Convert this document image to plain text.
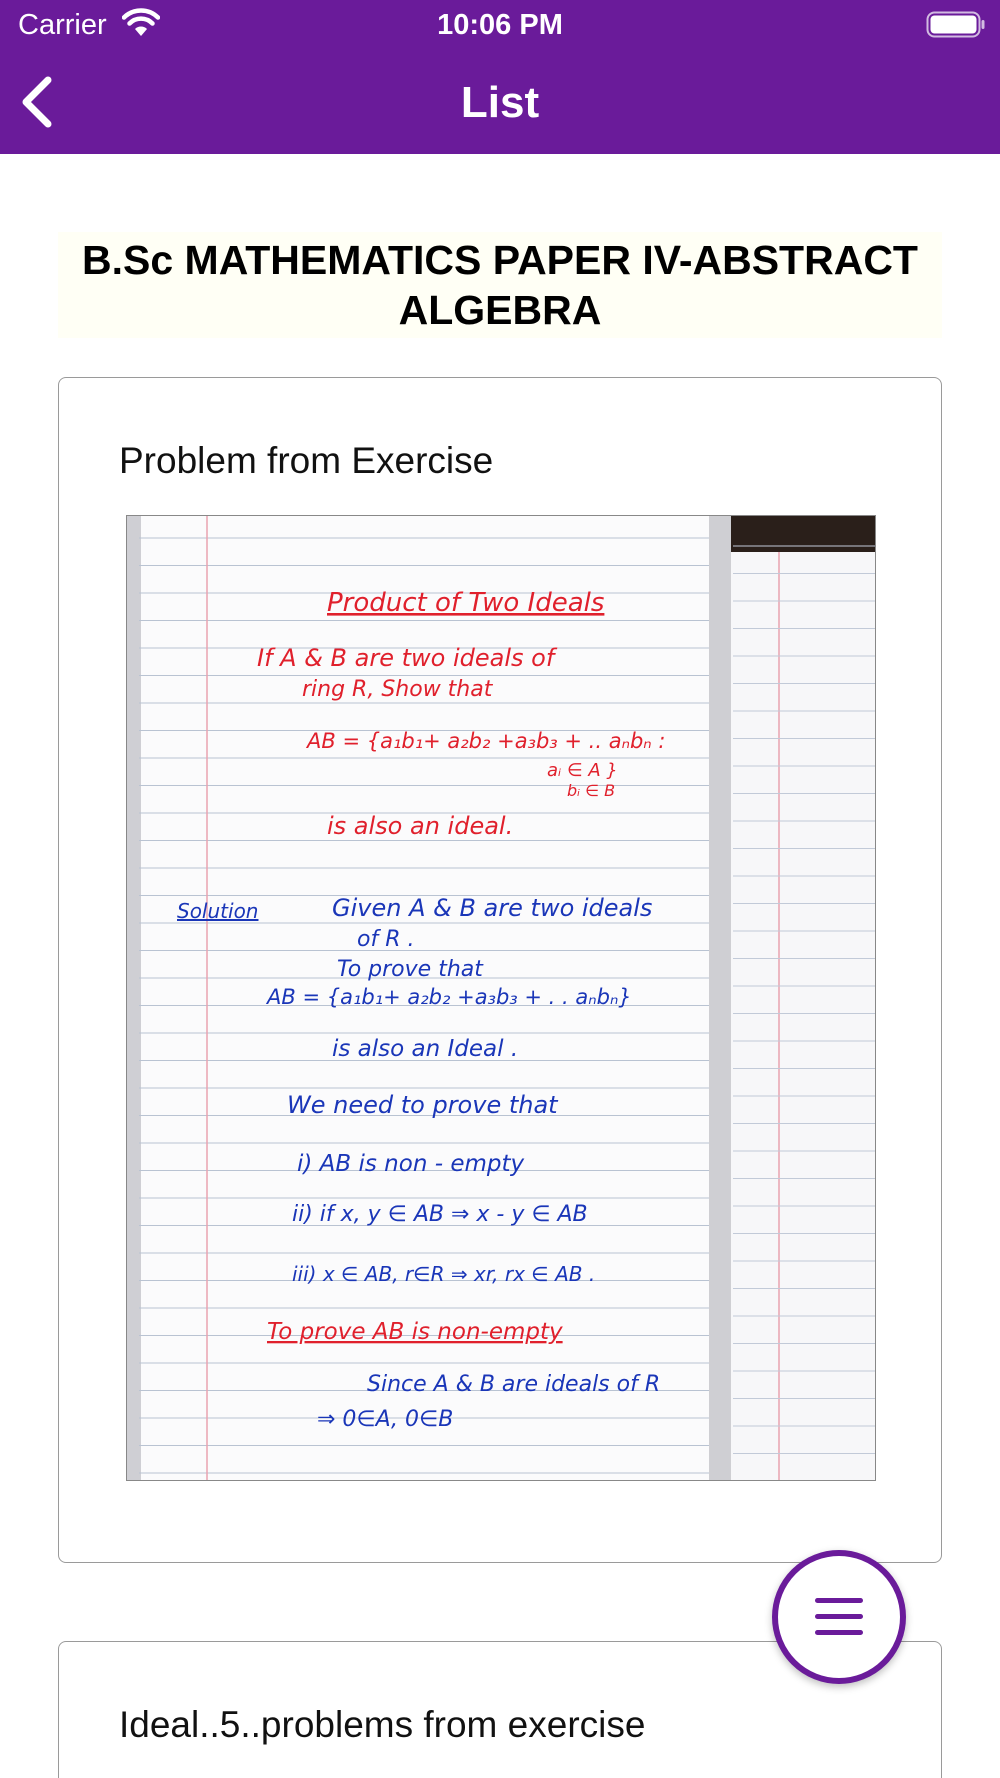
Carrier	10:06 PM
List
B.Sc MATHEMATICS PAPER IV-ABSTRACT ALGEBRA
Problem from Exercise
Product of Two Ideals
If A & B are two ideals of
ring R, Show that
AB = {a₁b₁+ a₂b₂ +a₃b₃ + .. aₙbₙ :
aᵢ ∈ A }
bᵢ ∈ B
is also an ideal.
Solution	Given A & B are two ideals
of R .
To prove that
AB = {a₁b₁+ a₂b₂ +a₃b₃ + . . aₙbₙ}
is also an Ideal .
We need to prove that
i) AB is non - empty
ii) if x, y ∈ AB ⇒ x - y ∈ AB
iii) x ∈ AB, r∈R ⇒ xr, rx ∈ AB .
To prove AB is non-empty
Since A & B are ideals of R
⇒ 0∈A, 0∈B
Ideal..5..problems from exercise
